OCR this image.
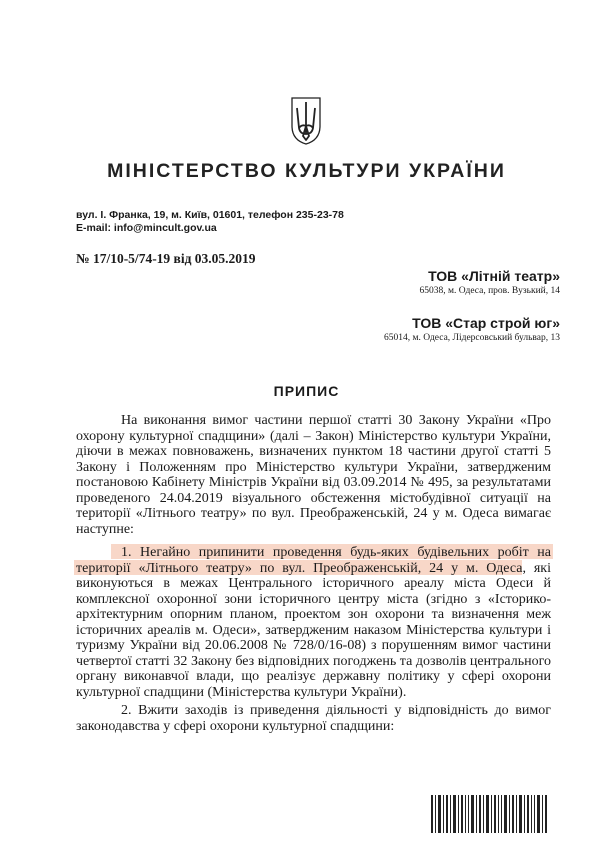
МІНІСТЕРСТВО КУЛЬТУРИ УКРАЇНИ
вул. І. Франка, 19, м. Київ, 01601, телефон 235-23-78
E-mail: info@mincult.gov.ua
№ 17/10-5/74-19 від 03.05.2019
ТОВ «Літній театр»
65038, м. Одеса, пров. Вузький, 14
ТОВ «Стар строй юг»
65014, м. Одеса, Лідерсовський бульвар, 13
ПРИПИС
На виконання вимог частини першої статті 30 Закону України «Про
охорону культурної спадщини» (далі – Закон) Міністерство культури України,
діючи в межах повноважень, визначених пунктом 18 частини другої статті 5
Закону і Положенням про Міністерство культури України, затвердженим
постановою Кабінету Міністрів України від 03.09.2014 № 495, за результатами
проведеного 24.04.2019 візуального обстеження містобудівної ситуації на
території «Літнього театру» по вул. Преображенській, 24 у м. Одеса вимагає
наступне:
1. Негайно припинити проведення будь-яких будівельних робіт на
території «Літнього театру» по вул. Преображенській, 24 у м. Одеса, які
виконуються в межах Центрального історичного ареалу міста Одеси й
комплексної охоронної зони історичного центру міста (згідно з «Історико-
архітектурним опорним планом, проектом зон охорони та визначення меж
історичних ареалів м. Одеси», затвердженим наказом Міністерства культури і
туризму України від 20.06.2008 № 728/0/16-08) з порушенням вимог частини
четвертої статті 32 Закону без відповідних погоджень та дозволів центрального
органу виконавчої влади, що реалізує державну політику у сфері охорони
культурної спадщини (Міністерства культури України).
2. Вжити заходів із приведення діяльності у відповідність до вимог
законодавства у сфері охорони культурної спадщини:
